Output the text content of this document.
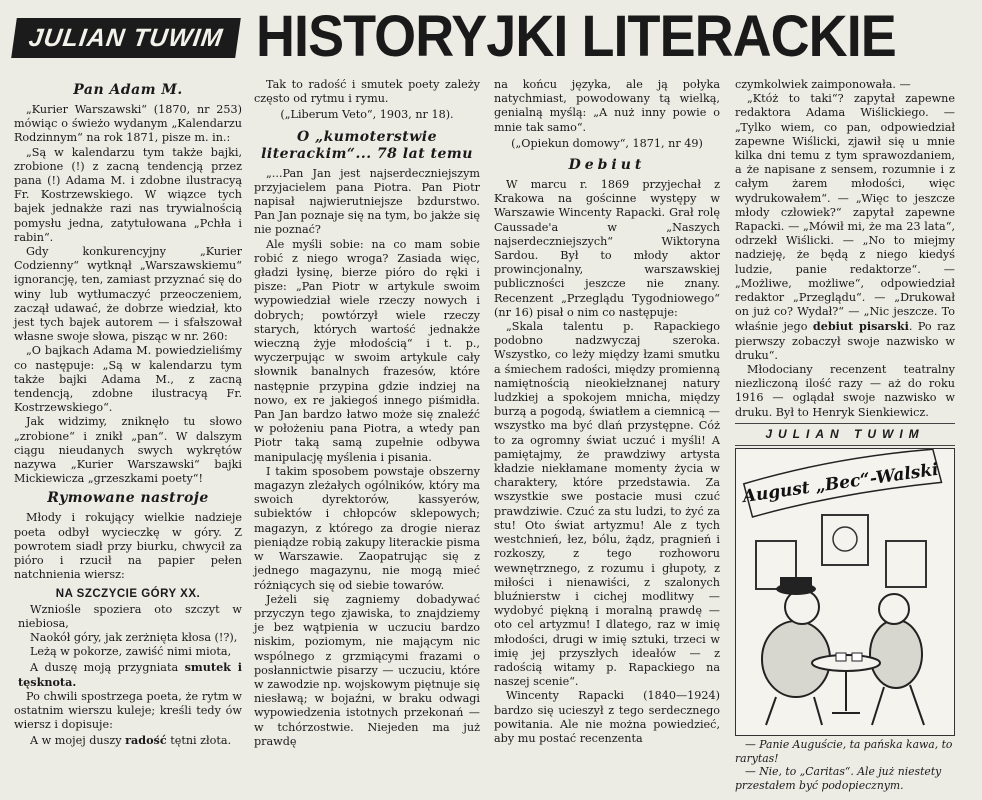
JULIAN TUWIM HISTORYJKI LITERACKIE
Pan Adam M.

„Kurier Warszawski“ (1870, nr 253) mówiąc o świeżo wydanym „Kalendarzu Rodzinnym“ na rok 1871, pisze m. in.:

„Są w kalendarzu tym także bajki, zrobione (!) z zacną tendencją przez pana (!) Adama M. i zdobne ilustracyą Fr. Kostrzewskiego. W wiązce tych bajek jednakże razi nas trywialnością pomysłu jedna, zatytułowana „Pchła i rabin“.

Gdy konkurencyjny „Kurier Codzienny“ wytknął „Warszawskiemu“ ignorancję, ten, zamiast przyznać się do winy lub wytłumaczyć przeoczeniem, zaczął udawać, że dobrze wiedział, kto jest tych bajek autorem — i sfałszował własne swoje słowa, pisząc w nr. 260:

„O bajkach Adama M. powiedzieliśmy co następuje: „Są w kalendarzu tym także bajki Adama M., z zacną tendencją, zdobne ilustracyą Fr. Kostrzewskiego“.

Jak widzimy, zniknęło tu słowo „zrobione“ i znikł „pan“. W dalszym ciągu nieudanych swych wykrętów nazywa „Kurier Warszawski“ bajki Mickiewicza „grzeszkami poety“!

Rymowane nastroje

Młody i rokujący wielkie nadzieje poeta odbył wycieczkę w góry. Z powrotem siadł przy biurku, chwycił za pióro i rzucił na papier pełen natchnienia wiersz:

NA SZCZYCIE GÓRY XX.

Wzniośle spoziera oto szczyt w niebiosa,

Naokół góry, jak zerżnięta kłosa (!?),

Leżą w pokorze, zawiść nimi miota,

A duszę moją przygniata smutek i tęsknota.

Po chwili spostrzega poeta, że rytm w ostatnim wierszu kuleje; kreśli tedy ów wiersz i dopisuje:

A w mojej duszy radość tętni złota.

Tak to radość i smutek poety zależy często od rytmu i rymu.

(„Liberum Veto“, 1903, nr 18).

O „kumoterstwie literackim“... 78 lat temu

„...Pan Jan jest najserdeczniejszym przyjacielem pana Piotra. Pan Piotr napisał najwierutniejsze bzdurstwo. Pan Jan poznaje się na tym, bo jakże się nie poznać?

Ale myśli sobie: na co mam sobie robić z niego wroga? Zasiada więc, gładzi łysinę, bierze pióro do ręki i pisze: „Pan Piotr w artykule swoim wypowiedział wiele rzeczy nowych i dobrych; powtórzył wiele rzeczy starych, których wartość jednakże wieczną żyje młodością“ i t. p., wyczerpując w swoim artykule cały słownik banalnych frazesów, które następnie przypina gdzie indziej na nowo, ex re jakiegoś innego piśmidła. Pan Jan bardzo łatwo może się znaleźć w położeniu pana Piotra, a wtedy pan Piotr taką samą zupełnie odbywa manipulację myślenia i pisania.

I takim sposobem powstaje obszerny magazyn zleżałych ogólników, który ma swoich dyrektorów, kassyerów, subiektów i chłopców sklepowych; magazyn, z którego za drogie nieraz pieniądze robią zakupy literackie pisma w Warszawie. Zaopatrując się z jednego magazynu, nie mogą mieć różniących się od siebie towarów.

Jeżeli się zagniemy dobadywać przyczyn tego zjawiska, to znajdziemy je bez wątpienia w uczuciu bardzo niskim, poziomym, nie mającym nic wspólnego z grzmiącymi frazami o posłannictwie pisarzy — uczuciu, które w zawodzie np. wojskowym piętnuje się niesławą; w bojaźni, w braku odwagi wypowiedzenia istotnych przekonań — w tchórzostwie. Niejeden ma już prawdę

na końcu języka, ale ją połyka natychmiast, powodowany tą wielką, genialną myślą: „A nuż inny powie o mnie tak samo“.

(„Opiekun domowy“, 1871, nr 49)

Debiut

W marcu r. 1869 przyjechał z Krakowa na gościnne występy w Warszawie Wincenty Rapacki. Grał rolę Caussade'a w „Naszych najserdeczniejszych“ Wiktoryna Sardou. Był to młody aktor prowincjonalny, warszawskiej publiczności jeszcze nie znany. Recenzent „Przeglądu Tygodniowego“ (nr 16) pisał o nim co następuje:

„Skala talentu p. Rapackiego podobno nadzwyczaj szeroka. Wszystko, co leży między łzami smutku a śmiechem radości, między promienną namiętnością nieokiełznanej natury ludzkiej a spokojem mnicha, między burzą a pogodą, światłem a ciemnicą — wszystko ma być dlań przystępne. Cóż to za ogromny świat uczuć i myśli! A pamiętajmy, że prawdziwy artysta kładzie niekłamane momenty życia w charaktery, które przedstawia. Za wszystkie swe postacie musi czuć prawdziwie. Czuć za stu ludzi, to żyć za stu! Oto świat artyzmu! Ale z tych westchnień, łez, bólu, żądz, pragnień i rozkoszy, z tego rozhoworu wewnętrznego, z rozumu i głupoty, z miłości i nienawiści, z szalonych bluźnierstw i cichej modlitwy — wydobyć piękną i moralną prawdę — oto cel artyzmu! I dlatego, raz w imię młodości, drugi w imię sztuki, trzeci w imię jej przyszłych ideałów — z radością witamy p. Rapackiego na naszej scenie“.

Wincenty Rapacki (1840—1924) bardzo się ucieszył z tego serdecznego powitania. Ale nie można powiedzieć, aby mu postać recenzenta

czymkolwiek zaimponowała. —

„Któż to taki“? zapytał zapewne redaktora Adama Wiślickiego. — „Tylko wiem, co pan, odpowiedział zapewne Wiślicki, zjawił się u mnie kilka dni temu z tym sprawozdaniem, a że napisane z sensem, rozumnie i z całym żarem młodości, więc wydrukowałem“. — „Więc to jeszcze młody człowiek?“ zapytał zapewne Rapacki. — „Mówił mi, że ma 23 lata“, odrzekł Wiślicki. — „No to miejmy nadzieję, że będą z niego kiedyś ludzie, panie redaktorze“. — „Możliwe, możliwe“, odpowiedział redaktor „Przeglądu“. — „Drukował on już co? Wydał?“ — „Nic jeszcze. To właśnie jego debiut pisarski. Po raz pierwszy zobaczył swoje nazwisko w druku“.

Młodociany recenzent teatralny niezliczoną ilość razy — aż do roku 1916 — oglądał swoje nazwisko w druku. Był to Henryk Sienkiewicz.

JULIAN TUWIM
August „Bec“-Walski

— Panie Auguście, ta pańska kawa, to rarytas!

— Nie, to „Caritas“. Ale już niestety przestałem być podopiecznym.
